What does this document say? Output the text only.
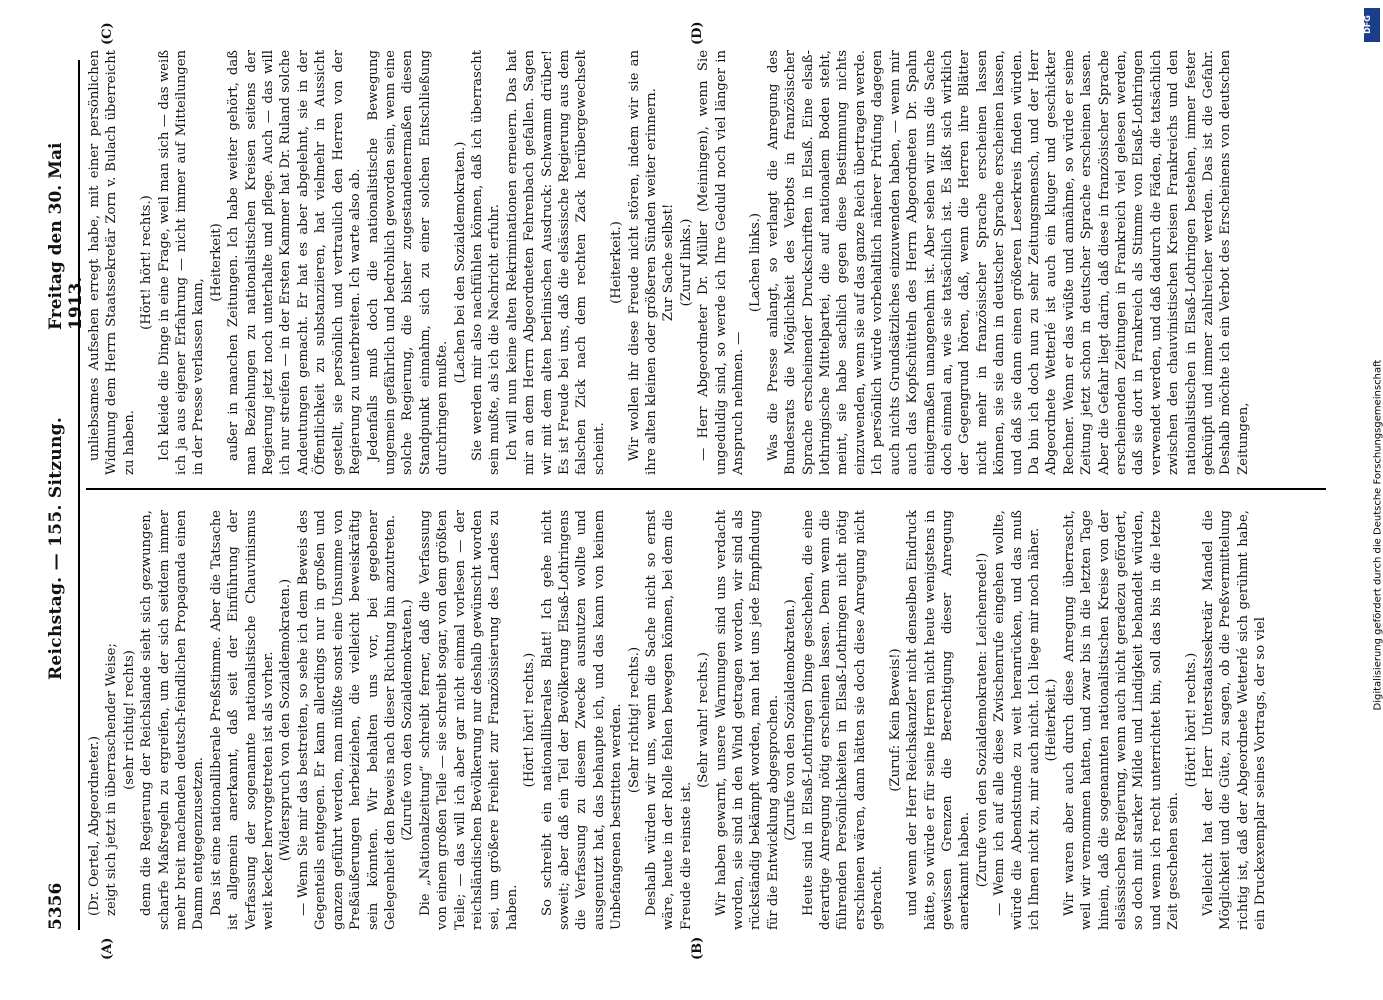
5356
Reichstag. — 155. Sitzung.
Freitag den 30. Mai 1913.
(A)	(B)
(C)	(D)

(Dr. Oertel, Abgeordneter.) zeigt sich jetzt in überraschender Weise; (sehr richtig! rechts) denn die Regierung der Reichslande sieht sich gezwungen, scharfe Maßregeln zu ergreifen, um der sich seitdem immer mehr breit machenden deutsch-feindlichen Propaganda einen Damm entgegenzusetzen. Das ist eine nationalliberale Preßstimme. Aber die Tatsache ist allgemein anerkannt, daß seit der Einführung der Verfassung der sogenannte nationalistische Chauvinismus weit kecker hervorgetreten ist als vorher. (Widerspruch von den Sozialdemokraten.) — Wenn Sie mir das bestreiten, so sehe ich dem Beweis des Gegenteils entgegen. Er kann allerdings nur in großen und ganzen geführt werden, man müßte sonst eine Unsumme von Preßäußerungen herbeiziehen, die vielleicht beweiskräftig sein könnten. Wir behalten uns vor, bei gegebener Gelegenheit den Beweis nach dieser Richtung hin anzutreten. (Zurufe von den Sozialdemokraten.) Die „Nationalzeitung“ schreibt ferner, daß die Verfassung von einem großen Teile — sie schreibt sogar, von dem größten Teile; — das will ich aber gar nicht einmal vorlesen — der reichsländischen Bevölkerung nur deshalb gewünscht worden sei, um größere Freiheit zur Französisierung des Landes zu haben.

(Hört! hört! rechts.) So schreibt ein nationalliberales Blatt! Ich gehe nicht soweit; aber daß ein Teil der Bevölkerung Elsaß-Lothringens die Verfassung zu diesem Zwecke ausnutzen wollte und ausgenutzt hat, das behaupte ich, und das kann von keinem Unbefangenen bestritten werden. (Sehr richtig! rechts.) Deshalb würden wir uns, wenn die Sache nicht so ernst wäre, heute in der Rolle fehlen bewegen können, bei dem die Freude die reinste ist.

(Sehr wahr! rechts.) Wir haben gewarnt, unsere Warnungen sind uns verdacht worden, sie sind in den Wind getragen worden, wir sind als rückständig bekämpft worden, man hat uns jede Empfindung für die Entwicklung abgesprochen. (Zurufe von den Sozialdemokraten.) Heute sind in Elsaß-Lothringen Dinge geschehen, die eine derartige Anregung nötig erscheinen lassen. Denn wenn die führenden Persönlichkeiten in Elsaß-Lothringen nicht nötig erschienen wären, dann hätten sie doch diese Anregung nicht gebracht.

(Zuruf: Kein Beweis!) und wenn der Herr Reichskanzler nicht denselben Eindruck hätte, so würde er für seine Herren nicht heute wenigstens in gewissen Grenzen die Berechtigung dieser Anregung anerkannt haben. (Zurufe von den Sozialdemokraten: Leichenrede!) — Wenn ich auf alle diese Zwischenrufe eingehen wollte, würde die Abendstunde zu weit heranrücken, und das muß ich Ihnen nicht zu, mir auch nicht. Ich liege mir noch näher. (Heiterkeit.) Wir waren aber auch durch diese Anregung überrascht, weil wir vernommen hatten, und zwar bis in die letzten Tage hinein, daß die sogenannten nationalistischen Kreise von der elsässischen Regierung, wenn auch nicht geradezu gefördert, so doch mit starker Milde und Lindigkeit behandelt würden, und wenn ich recht unterrichtet bin, soll das bis in die letzte Zeit geschehen sein.

(Hört! hört! rechts.) Vielleicht hat der Herr Unterstaatssekretär Mandel die Möglichkeit und die Güte, zu sagen, ob die Preßvermittelung richtig ist, daß der Abgeordnete Wetterlé sich gerühmt habe, ein Druckexemplar seines Vortrags, der so viel

unliebsames Aufsehen erregt habe, mit einer persönlichen Widmung dem Herrn Staatssekretär Zorn v. Bulach überreicht zu haben.

(Hört! hört! rechts.) Ich kleide die Dinge in eine Frage, weil man sich — das weiß ich ja aus eigener Erfahrung — nicht immer auf Mitteilungen in der Presse verlassen kann,

(Heiterkeit) außer in manchen Zeitungen. Ich habe weiter gehört, daß man Beziehungen zu nationalistischen Kreisen seitens der Regierung jetzt noch unterhalte und pflege. Auch — das will ich nur streifen — in der Ersten Kammer hat Dr. Ruland solche Andeutungen gemacht. Er hat es aber abgelehnt, sie in der Öffentlichkeit zu substanziieren, hat vielmehr in Aussicht gestellt, sie persönlich und vertraulich den Herren von der Regierung zu unterbreiten. Ich warte also ab. Jedenfalls muß doch die nationalistische Bewegung ungemein gefährlich und bedrohlich geworden sein, wenn eine solche Regierung, die bisher zugestandenermaßen diesen Standpunkt einnahm, sich zu einer solchen Entschließung durchringen mußte.

(Lachen bei den Sozialdemokraten.) Sie werden mir also nachfühlen können, daß ich überrascht sein mußte, als ich die Nachricht erfuhr. Ich will nun keine alten Rekriminationen erneuern. Das hat mir an dem Herrn Abgeordneten Fehrenbach gefallen. Sagen wir mit dem alten berlinischen Ausdruck: Schwamm drüber! Es ist Freude bei uns, daß die elsässische Regierung aus dem falschen Zick nach dem rechten Zack herübergewechselt scheint.

(Heiterkeit.) Wir wollen ihr diese Freude nicht stören, indem wir sie an ihre alten kleinen oder größeren Sünden weiter erinnern. Zur Sache selbst! (Zuruf links.) — Herr Abgeordneter Dr. Müller (Meiningen), wenn Sie ungeduldig sind, so werde ich Ihre Geduld noch viel länger in Anspruch nehmen. —

(Lachen links.) Was die Presse anlangt, so verlangt die Anregung des Bundesrats die Möglichkeit des Verbots in französischer Sprache erscheinender Druckschriften in Elsaß. Eine elsaß-lothringische Mittelpartei, die auf nationalem Boden steht, meint, sie habe sachlich gegen diese Bestimmung nichts einzuwenden, wenn sie auf das ganze Reich übertragen werde. Ich persönlich würde vorbehaltlich näherer Prüfung dagegen auch nichts Grundsätzliches einzuwenden haben, — wenn mir auch das Kopfschütteln des Herrn Abgeordneten Dr. Spahn einigermaßen unangenehm ist. Aber sehen wir uns die Sache doch einmal an, wie sie tatsächlich ist. Es läßt sich wirklich der Gegengrund hören, daß, wenn die Herren ihre Blätter nicht mehr in französischer Sprache erscheinen lassen können, sie sie dann in deutscher Sprache erscheinen lassen, und daß sie dann einen größeren Leserkreis finden würden. Da bin ich doch nun zu sehr Zeitungsmensch, und der Herr Abgeordnete Wetterlé ist auch ein kluger und geschickter Rechner. Wenn er das wüßte und annähme, so würde er seine Zeitung jetzt schon in deutscher Sprache erscheinen lassen. Aber die Gefahr liegt darin, daß diese in französischer Sprache erscheinenden Zeitungen in Frankreich viel gelesen werden, daß sie dort in Frankreich als Stimme von Elsaß-Lothringen verwendet werden, und daß dadurch die Fäden, die tatsächlich zwischen den chauvinistischen Kreisen Frankreichs und den nationalistischen in Elsaß-Lothringen bestehen, immer fester geknüpft und immer zahlreicher werden. Das ist die Gefahr. Deshalb möchte ich ein Verbot des Erscheinens von deutschen Zeitungen,

DFG
Digitalisierung gefördert durch die Deutsche Forschungsgemeinschaft
